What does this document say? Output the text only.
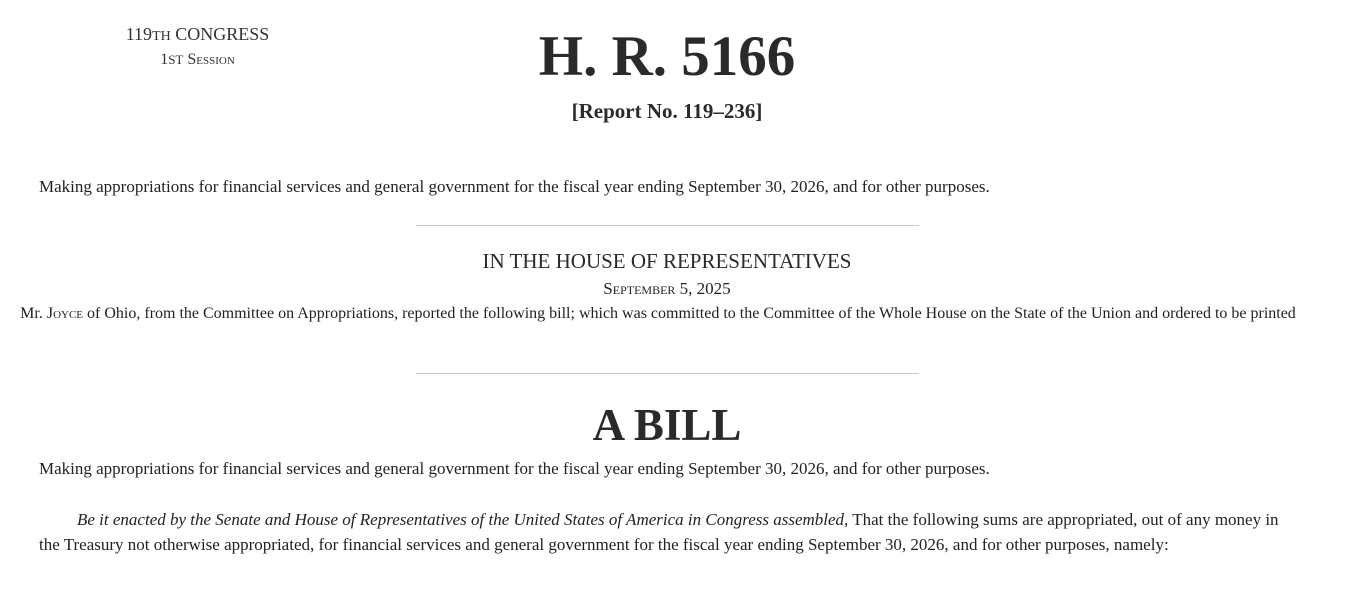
119TH CONGRESS
1ST Session	H. R. 5166
[Report No. 119–236]
Making appropriations for financial services and general government for the fiscal year ending September 30, 2026, and for other purposes.
IN THE HOUSE OF REPRESENTATIVES
September 5, 2025
Mr. Joyce of Ohio, from the Committee on Appropriations, reported the following bill; which was committed to the Committee of the Whole House on the State of the Union and ordered to be printed
A BILL
Making appropriations for financial services and general government for the fiscal year ending September 30, 2026, and for other purposes.
Be it enacted by the Senate and House of Representatives of the United States of America in Congress assembled, That the following sums are appropriated, out of any money in the Treasury not otherwise appropriated, for financial services and general government for the fiscal year ending September 30, 2026, and for other purposes, namely:
